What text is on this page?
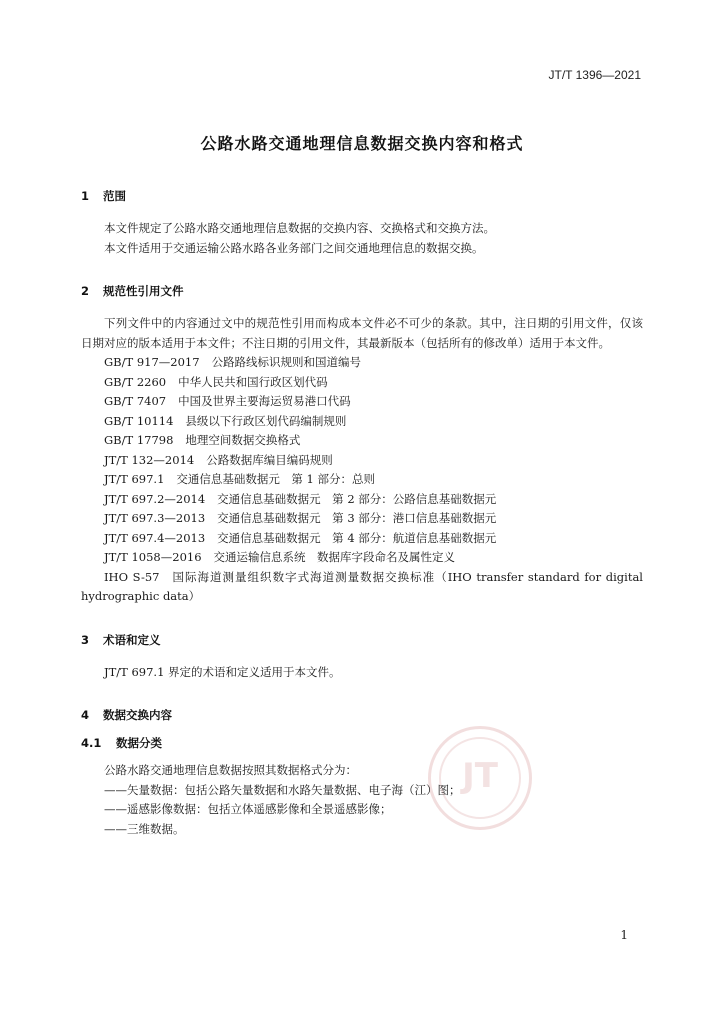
JT/T 1396—2021
公路水路交通地理信息数据交换内容和格式
JT
1 范围

本文件规定了公路水路交通地理信息数据的交换内容、交换格式和交换方法。

本文件适用于交通运输公路水路各业务部门之间交通地理信息的数据交换。

2 规范性引用文件

下列文件中的内容通过文中的规范性引用而构成本文件必不可少的条款。其中，注日期的引用文件，仅该日期对应的版本适用于本文件；不注日期的引用文件，其最新版本（包括所有的修改单）适用于本文件。

GB/T 917—2017 公路路线标识规则和国道编号
GB/T 2260 中华人民共和国行政区划代码
GB/T 7407 中国及世界主要海运贸易港口代码
GB/T 10114 县级以下行政区划代码编制规则
GB/T 17798 地理空间数据交换格式
JT/T 132—2014 公路数据库编目编码规则
JT/T 697.1 交通信息基础数据元　第 1 部分：总则
JT/T 697.2—2014 交通信息基础数据元　第 2 部分：公路信息基础数据元
JT/T 697.3—2013 交通信息基础数据元　第 3 部分：港口信息基础数据元
JT/T 697.4—2013 交通信息基础数据元　第 4 部分：航道信息基础数据元
JT/T 1058—2016 交通运输信息系统　数据库字段命名及属性定义

IHO S-57 国际海道测量组织数字式海道测量数据交换标准（IHO transfer standard for digital hydrographic data）

3 术语和定义

JT/T 697.1 界定的术语和定义适用于本文件。

4 数据交换内容
4.1 数据分类

公路水路交通地理信息数据按照其数据格式分为：

——矢量数据：包括公路矢量数据和水路矢量数据、电子海（江）图；
——遥感影像数据：包括立体遥感影像和全景遥感影像；
——三维数据。
1
